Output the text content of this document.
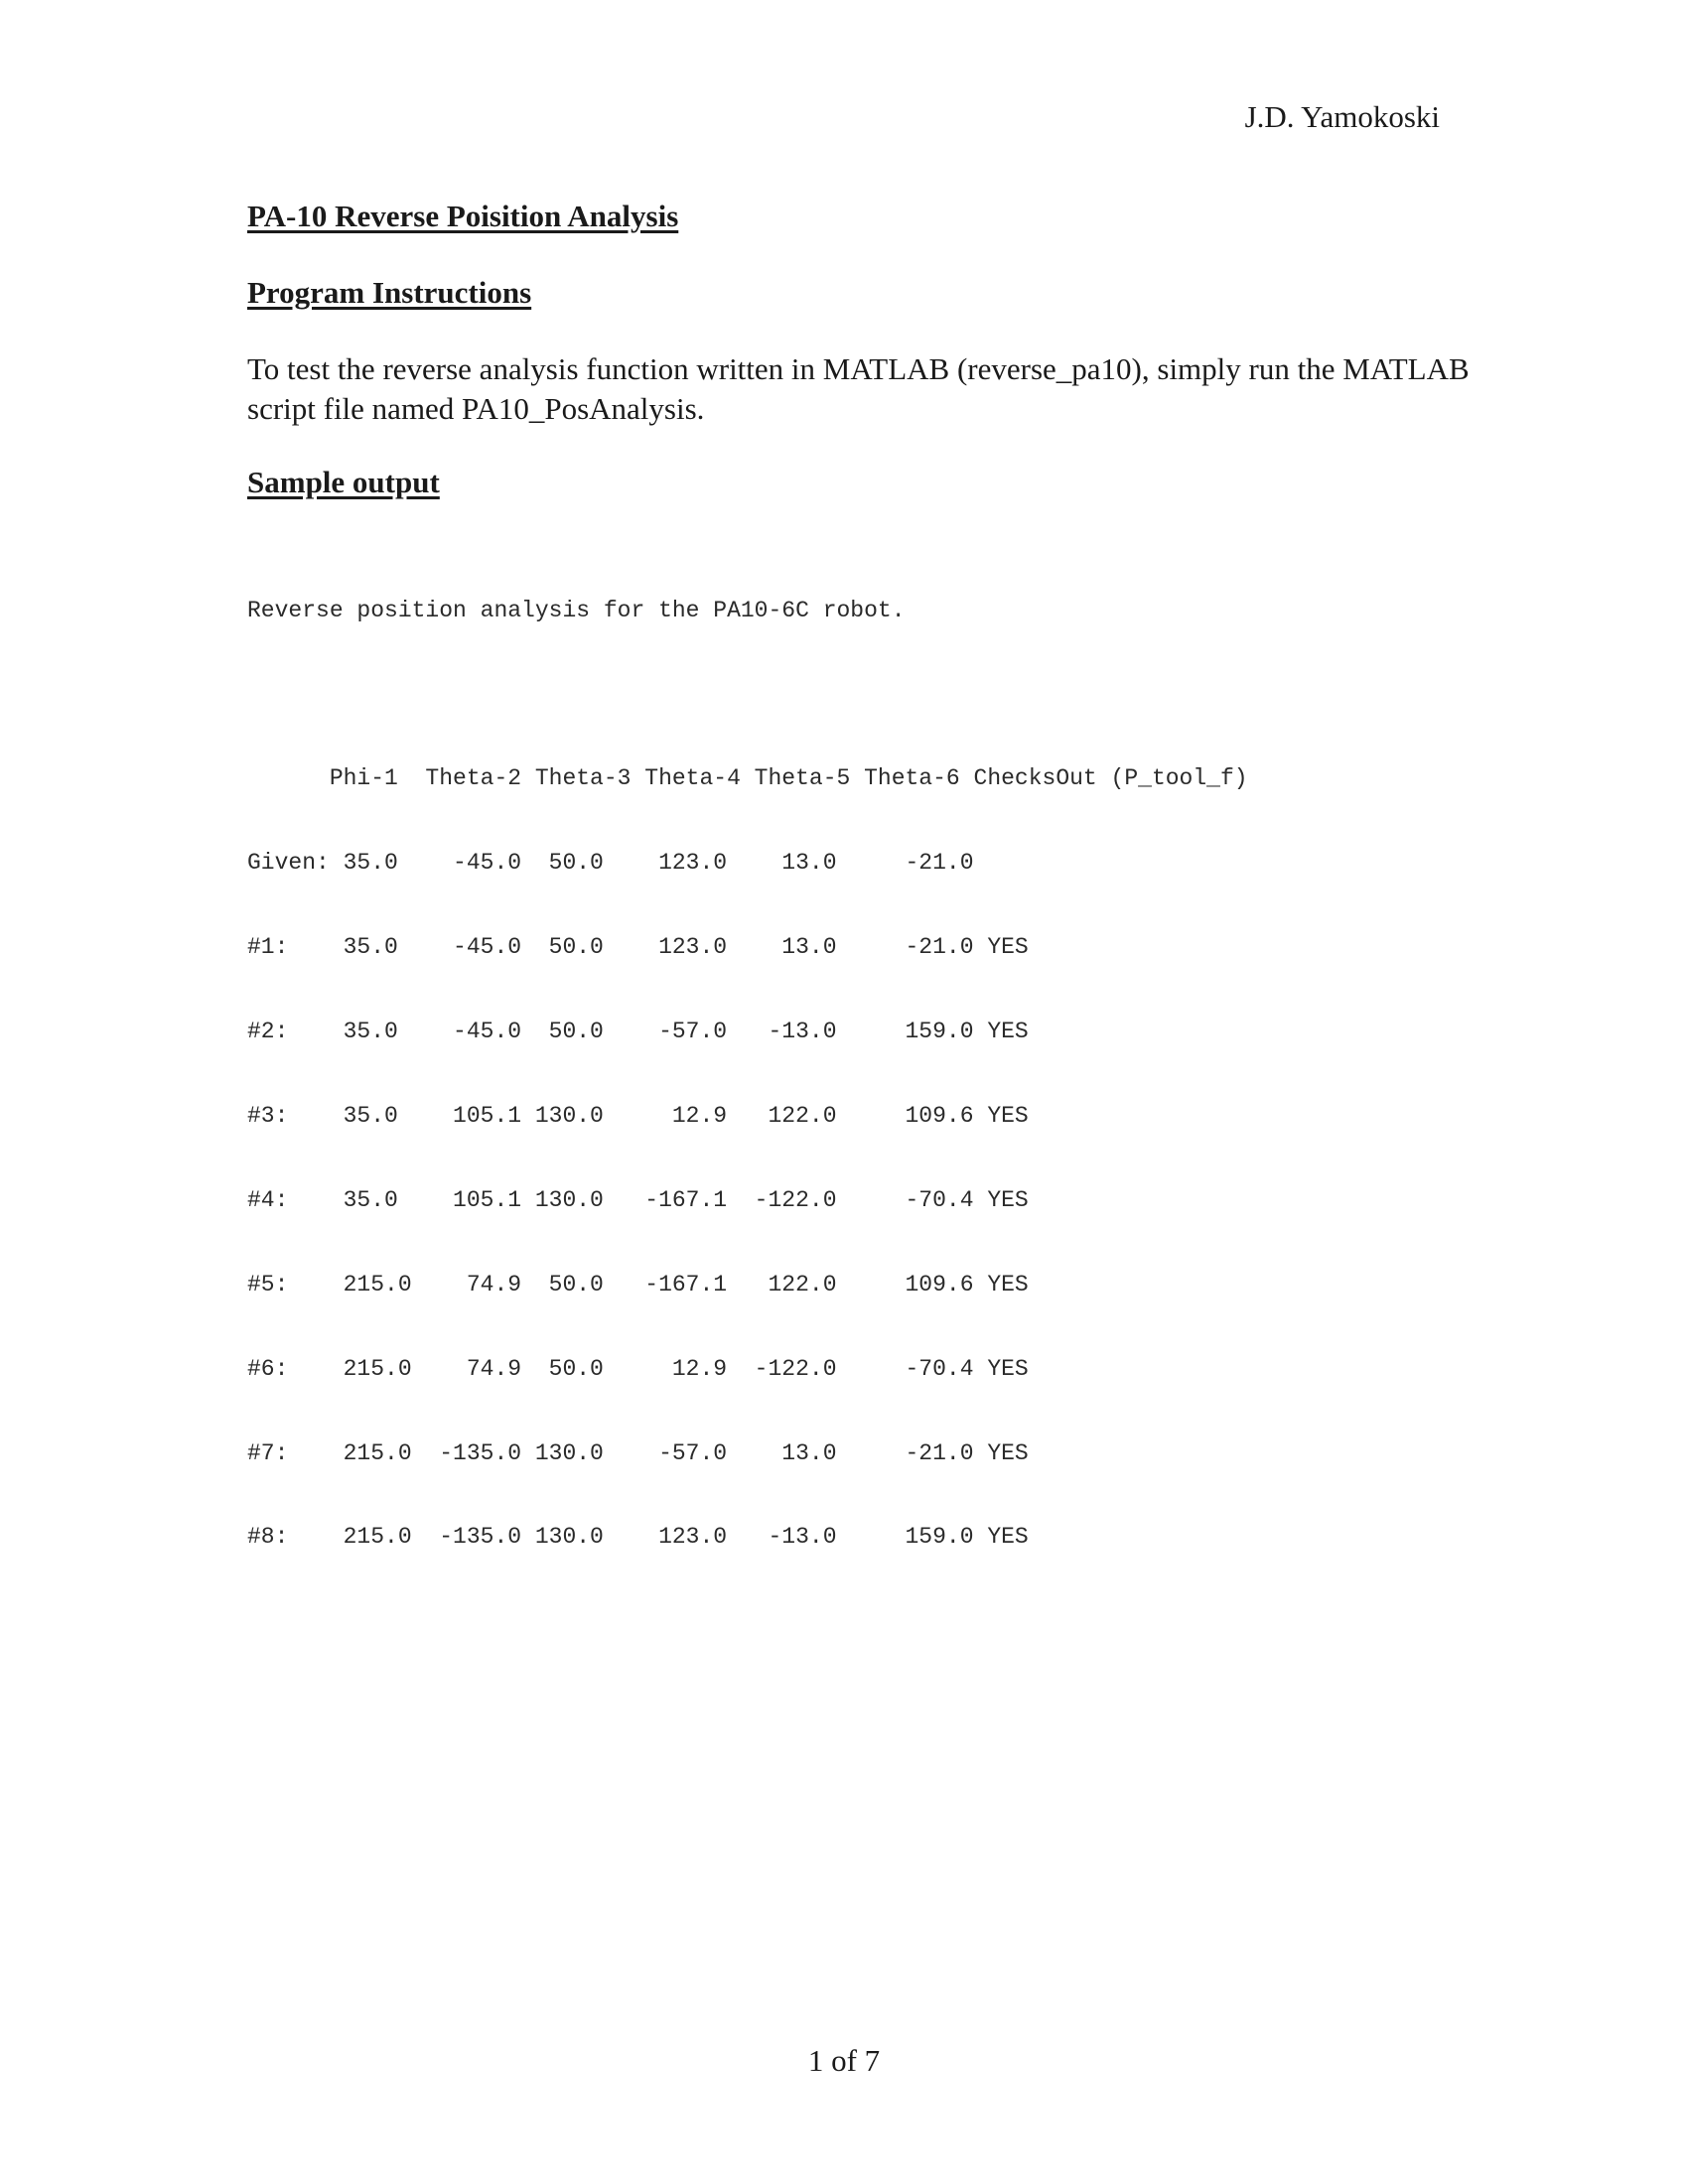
J.D. Yamokoski
PA-10 Reverse Poisition Analysis
Program Instructions

To test the reverse analysis function written in MATLAB (reverse_pa10), simply run the MATLAB script file named PA10_PosAnalysis.

Sample output

Reverse position analysis for the PA10-6C robot.

Phi-1  Theta-2 Theta-3 Theta-4 Theta-5 Theta-6 ChecksOut (P_tool_f)

Given: 35.0    -45.0  50.0    123.0    13.0     -21.0

#1:    35.0    -45.0  50.0    123.0    13.0     -21.0 YES

#2:    35.0    -45.0  50.0    -57.0   -13.0     159.0 YES

#3:    35.0    105.1 130.0     12.9   122.0     109.6 YES

#4:    35.0    105.1 130.0   -167.1  -122.0     -70.4 YES

#5:    215.0    74.9  50.0   -167.1   122.0     109.6 YES

#6:    215.0    74.9  50.0     12.9  -122.0     -70.4 YES

#7:    215.0  -135.0 130.0    -57.0    13.0     -21.0 YES

#8:    215.0  -135.0 130.0    123.0   -13.0     159.0 YES

1 of 7
